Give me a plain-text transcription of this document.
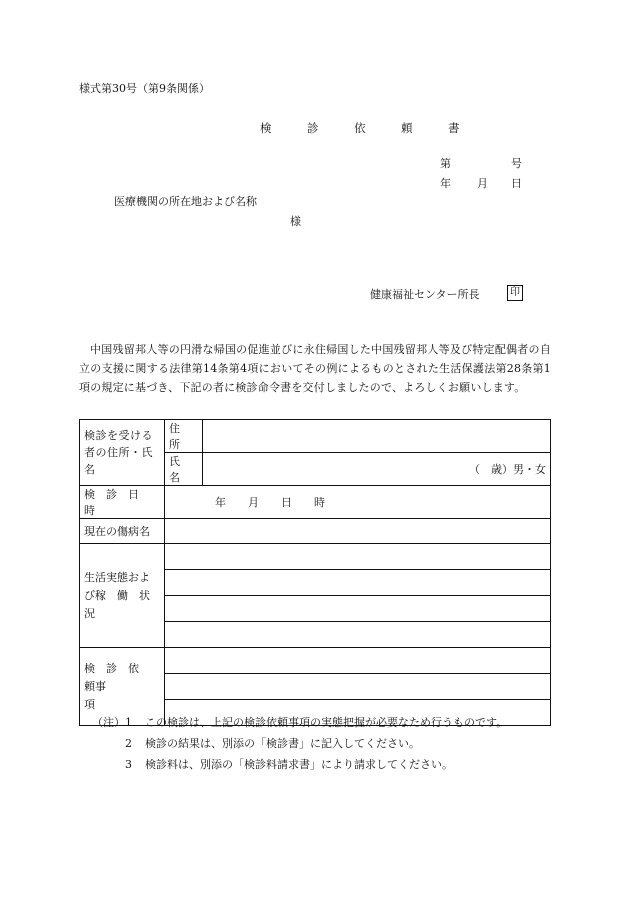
様式第30号（第9条関係）
検　診　依　頼　書
第	号
年 月 日
医療機関の所在地および名称
様
健康福祉センター所長	印
中国残留邦人等の円滑な帰国の促進並びに永住帰国した中国残留邦人等及び特定配偶者の自立の支援に関する法律第14条第4項においてその例によるものとされた生活保護法第28条第1項の規定に基づき、下記の者に検診命令書を交付しましたので、よろしくお願いします。
検診を受ける者の住所・氏名	住　所	
	氏　名	（　歳）男・女
検　診　日　時	年　　月　　日　　時	
現在の傷病名		

生活実態および稼　働　状　況		

検　診　依　頼事　　　　　項		

（注） 1	この検診は、上記の検診依頼事項の実態把握が必要なため行うものです。
2	検診の結果は、別添の「検診書」に記入してください。
3	検診料は、別添の「検診料請求書」により請求してください。
